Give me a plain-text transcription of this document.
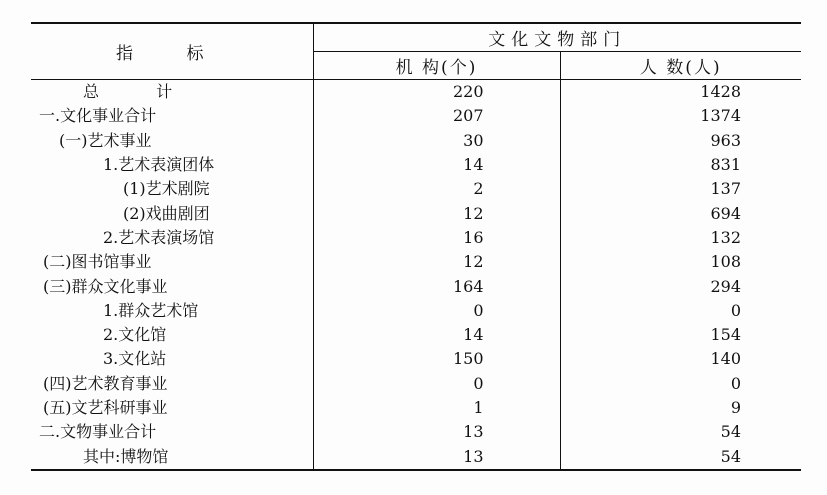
指 标	文化文物部门	
	机 构(个)	人 数(人)
总 计	220	1428
一.文化事业合计	207	1374
(一)艺术事业	30	963
1.艺术表演团体	14	831
(1)艺术剧院	2	137
(2)戏曲剧团	12	694
2.艺术表演场馆	16	132
(二)图书馆事业	12	108
(三)群众文化事业	164	294
1.群众艺术馆	0	0
2.文化馆	14	154
3.文化站	150	140
(四)艺术教育事业	0	0
(五)文艺科研事业	1	9
二.文物事业合计	13	54
其中:博物馆	13	54
